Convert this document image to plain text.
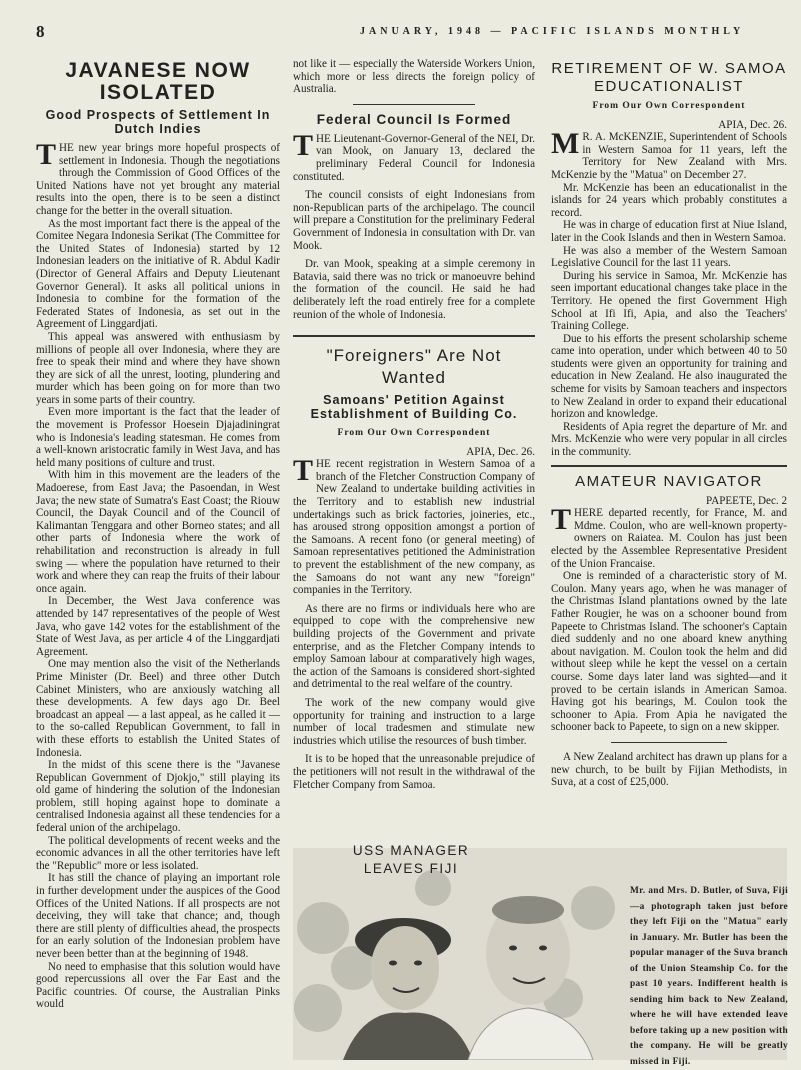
8	JANUARY, 1948 — PACIFIC ISLANDS MONTHLY
JAVANESE NOW ISOLATED
Good Prospects of Settlement In Dutch Indies

THE new year brings more hopeful prospects of settlement in Indonesia. Though the negotiations through the Commission of Good Offices of the United Nations have not yet brought any material results into the open, there is to be seen a distinct change for the better in the overall situation.

As the most important fact there is the appeal of the Comitee Negara Indonesia Serikat (The Committee for the United States of Indonesia) started by 12 Indonesian leaders on the initiative of R. Abdul Kadir (Director of General Affairs and Deputy Lieutenant Governor General). It asks all political unions in Indonesia to combine for the formation of the Federated States of Indonesia, as set out in the Agreement of Linggardjati.

This appeal was answered with enthusiasm by millions of people all over Indonesia, where they are free to speak their mind and where they have shown they are sick of all the unrest, looting, plundering and murder which has been going on for more than two years in some parts of their country.

Even more important is the fact that the leader of the movement is Professor Hoesein Djajadiningrat who is Indonesia's leading statesman. He comes from a well-known aristocratic family in West Java, and has held many positions of culture and trust.

With him in this movement are the leaders of the Madoerese, from East Java; the Pasoendan, in West Java; the new state of Sumatra's East Coast; the Riouw Council, the Dayak Council and of the Council of Kalimantan Tenggara and other Borneo states; and all other parts of Indonesia where the work of rehabilitation and reconstruction is already in full swing — where the population have returned to their work and where they can reap the fruits of their labour once again.

In December, the West Java conference was attended by 147 representatives of the people of West Java, who gave 142 votes for the establishment of the State of West Java, as per article 4 of the Linggardjati Agreement.

One may mention also the visit of the Netherlands Prime Minister (Dr. Beel) and three other Dutch Cabinet Ministers, who are anxiously watching all these developments. A few days ago Dr. Beel broadcast an appeal — a last appeal, as he called it — to the so-called Republican Government, to fall in with these efforts to establish the United States of Indonesia.

In the midst of this scene there is the "Javanese Republican Government of Djokjo," still playing its old game of hindering the solution of the Indonesian problem, still hoping against hope to dominate a centralised Indonesia against all these tendencies for a federal union of the archipelago.

The political developments of recent weeks and the economic advances in all the other territories have left the "Republic" more or less isolated.

It has still the chance of playing an important role in further development under the auspices of the Good Offices of the United Nations. If all prospects are not deceiving, they will take that chance; and, though there are still plenty of difficulties ahead, the prospects for an early solution of the Indonesian problem have never been better than at the beginning of 1948.

No need to emphasise that this solution would have good repercussions all over the Far East and the Pacific countries. Of course, the Australian Pinks would

not like it — especially the Waterside Workers Union, which more or less directs the foreign policy of Australia.

Federal Council Is Formed

THE Lieutenant-Governor-General of the NEI, Dr. van Mook, on January 13, declared the preliminary Federal Council for Indonesia constituted.

The council consists of eight Indonesians from non-Republican parts of the archipelago. The council will prepare a Constitution for the preliminary Federal Government of Indonesia in consultation with Dr. van Mook.

Dr. van Mook, speaking at a simple ceremony in Batavia, said there was no trick or manoeuvre behind the formation of the council. He said he had deliberately left the road entirely free for a complete reunion of the whole of Indonesia.

"Foreigners" Are Not Wanted
Samoans' Petition Against Establishment of Building Co.
From Our Own Correspondent
APIA, Dec. 26.

THE recent registration in Western Samoa of a branch of the Fletcher Construction Company of New Zealand to undertake building activities in the Territory and to establish new industrial undertakings such as brick factories, joineries, etc., has aroused strong opposition amongst a portion of the Samoans. A recent fono (or general meeting) of Samoan representatives petitioned the Administration to prevent the establishment of the new company, as the Samoans do not want any new "foreign" companies in the Territory.

As there are no firms or individuals here who are equipped to cope with the comprehensive new building projects of the Government and private enterprise, and as the Fletcher Company intends to employ Samoan labour at comparatively high wages, the action of the Samoans is considered short-sighted and detrimental to the real welfare of the country.

The work of the new company would give opportunity for training and instruction to a large number of local tradesmen and stimulate new industries which utilise the resources of bush timber.

It is to be hoped that the unreasonable prejudice of the petitioners will not result in the withdrawal of the Fletcher Company from Samoa.

RETIREMENT OF W. SAMOA EDUCATIONALIST
From Our Own Correspondent
APIA, Dec. 26.

M R. A. McKENZIE, Superintendent of Schools in Western Samoa for 11 years, left the Territory for New Zealand with Mrs. McKenzie by the "Matua" on December 27.

Mr. McKenzie has been an educationalist in the islands for 24 years which probably constitutes a record.

He was in charge of education first at Niue Island, later in the Cook Islands and then in Western Samoa.

He was also a member of the Western Samoan Legislative Council for the last 11 years.

During his service in Samoa, Mr. McKenzie has seen important educational changes take place in the Territory. He opened the first Government High School at Ifi Ifi, Apia, and also the Teachers' Training College.

Due to his efforts the present scholarship scheme came into operation, under which between 40 to 50 students were given an opportunity for training and education in New Zealand. He also inaugurated the scheme for visits by Samoan teachers and inspectors to New Zealand in order to expand their educational horizon and knowledge.

Residents of Apia regret the departure of Mr. and Mrs. McKenzie who were very popular in all circles in the community.

AMATEUR NAVIGATOR
PAPEETE, Dec. 2

THERE departed recently, for France, M. and Mdme. Coulon, who are well-known property-owners on Raiatea. M. Coulon has just been elected by the Assemblee Representative President of the Union Francaise.

One is reminded of a characteristic story of M. Coulon. Many years ago, when he was manager of the Christmas Island plantations owned by the late Father Rougier, he was on a schooner bound from Papeete to Christmas Island. The schooner's Captain died suddenly and no one aboard knew anything about navigation. M. Coulon took the helm and did without sleep while he kept the vessel on a certain course. Some days later land was sighted—and it proved to be certain islands in American Samoa. Having got his bearings, M. Coulon took the schooner to Apia. From Apia he navigated the schooner back to Papeete, to sign on a new skipper.

A New Zealand architect has drawn up plans for a new church, to be built by Fijian Methodists, in Suva, at a cost of £25,000.

USS MANAGER LEAVES FIJI
Mr. and Mrs. D. Butler, of Suva, Fiji—a photograph taken just before they left Fiji on the "Matua" early in January. Mr. Butler has been the popular manager of the Suva branch of the Union Steamship Co. for the past 10 years. Indifferent health is sending him back to New Zealand, where he will have extended leave before taking up a new position with the company. He will be greatly missed in Fiji.
